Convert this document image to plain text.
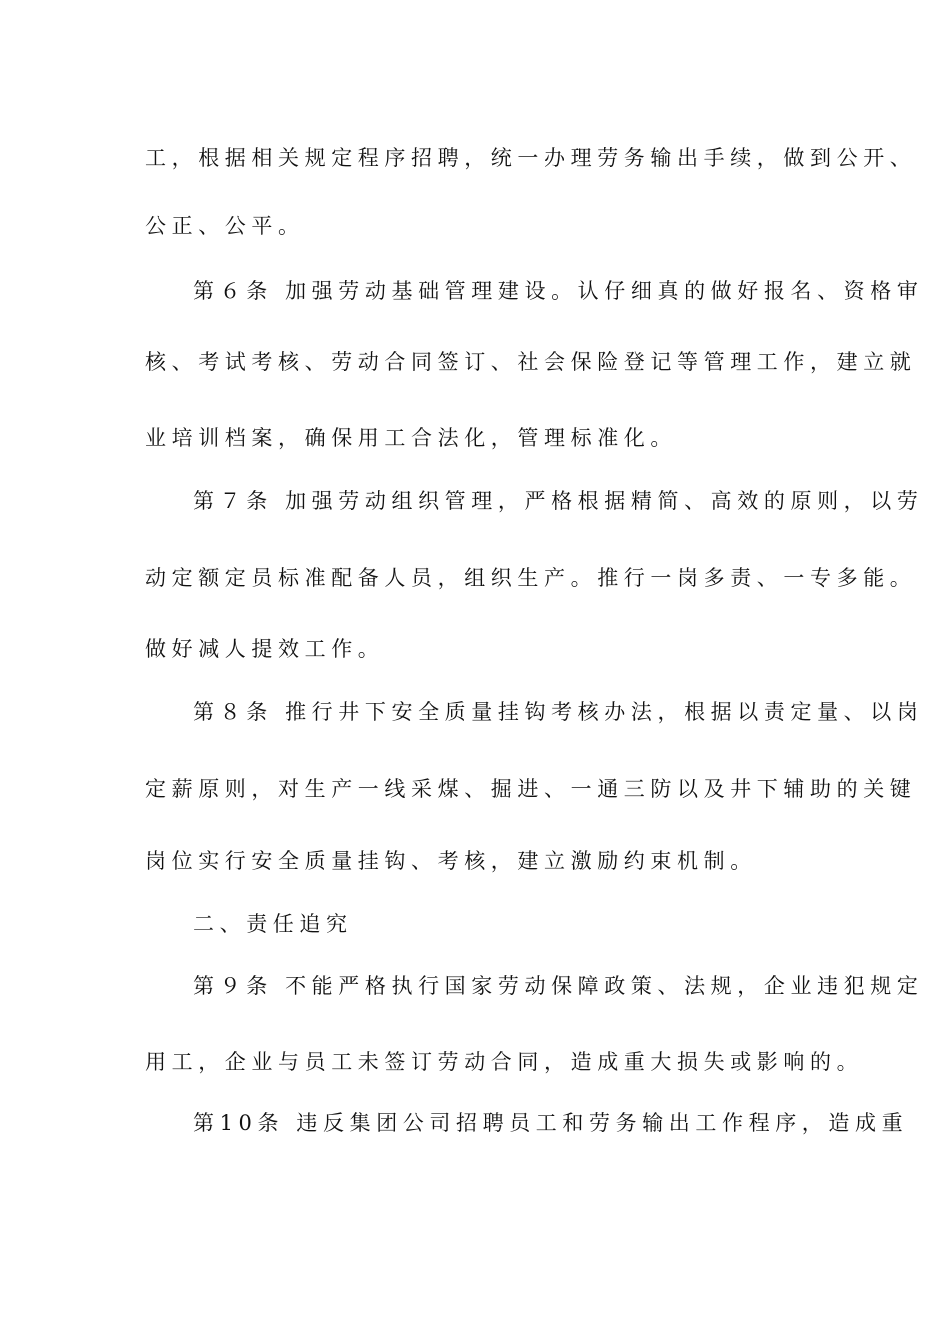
工，根据相关规定程序招聘，统一办理劳务输出手续，做到公开、
公正、公平。
第６条 加强劳动基础管理建设。认仔细真的做好报名、资格审
核、考试考核、劳动合同签订、社会保险登记等管理工作，建立就
业培训档案，确保用工合法化，管理标准化。
第７条 加强劳动组织管理，严格根据精简、高效的原则，以劳
动定额定员标准配备人员，组织生产。推行一岗多责、一专多能。
做好减人提效工作。
第８条 推行井下安全质量挂钩考核办法，根据以责定量、以岗
定薪原则，对生产一线采煤、掘进、一通三防以及井下辅助的关键
岗位实行安全质量挂钩、考核，建立激励约束机制。
二、责任追究
第９条 不能严格执行国家劳动保障政策、法规，企业违犯规定
用工，企业与员工未签订劳动合同，造成重大损失或影响的。
第10条 违反集团公司招聘员工和劳务输出工作程序，造成重
